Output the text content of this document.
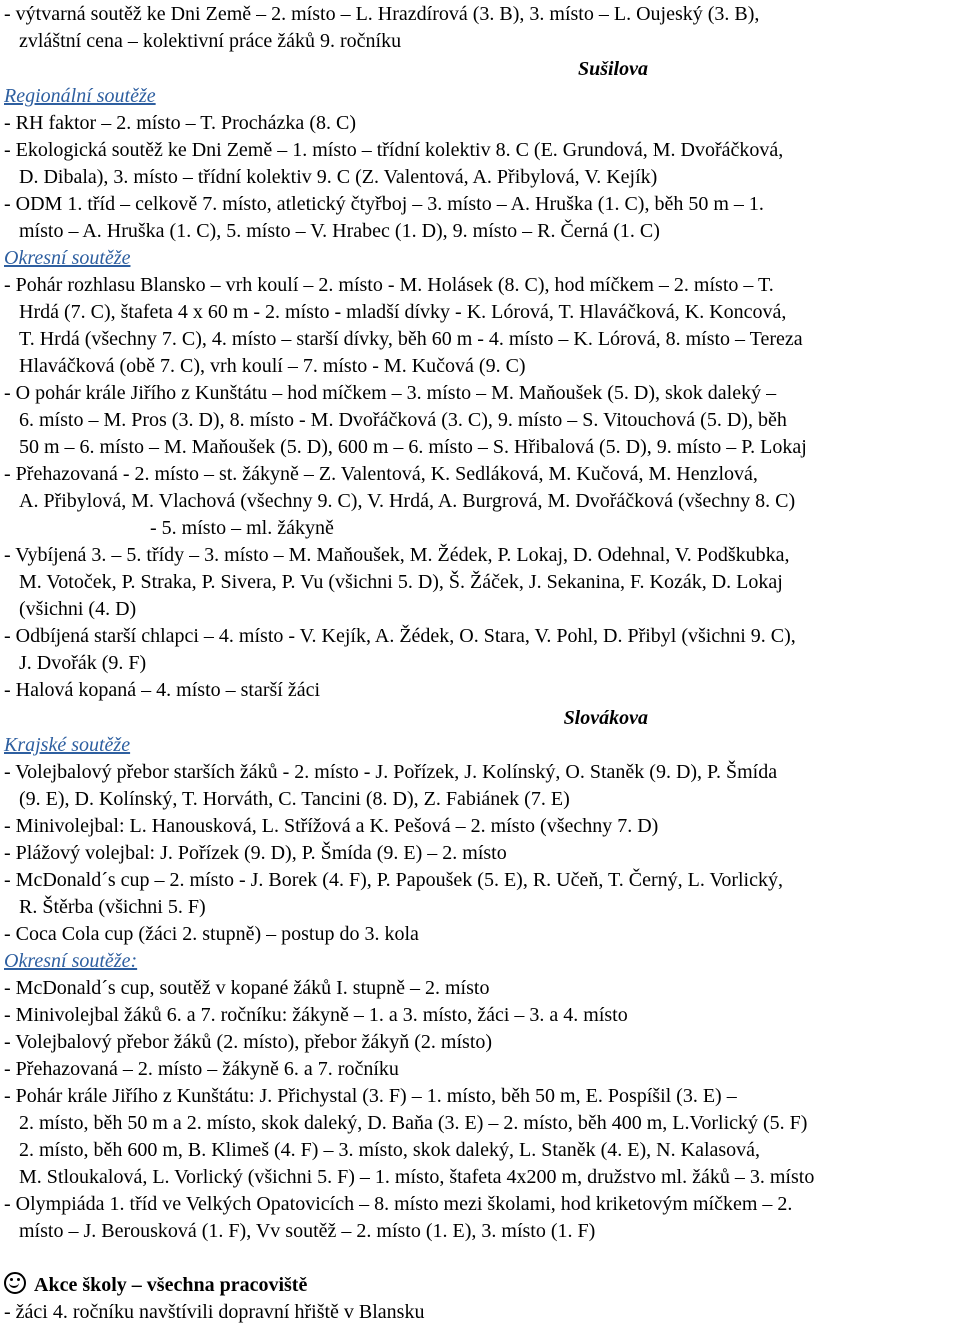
- výtvarná soutěž ke Dni Země – 2. místo – L. Hrazdírová (3. B), 3. místo – L. Oujeský (3. B),
zvláštní cena – kolektivní práce žáků 9. ročníku
Sušilova
Regionální soutěže
- RH faktor – 2. místo – T. Procházka (8. C)
- Ekologická soutěž ke Dni Země – 1. místo – třídní kolektiv 8. C (E. Grundová, M. Dvořáčková,
D. Dibala), 3. místo – třídní kolektiv 9. C (Z. Valentová, A. Přibylová, V. Kejík)
- ODM 1. tříd – celkově 7. místo, atletický čtyřboj – 3. místo – A. Hruška (1. C), běh 50 m – 1.
místo – A. Hruška (1. C), 5. místo – V. Hrabec (1. D), 9. místo – R. Černá (1. C)
Okresní soutěže
- Pohár rozhlasu Blansko – vrh koulí – 2. místo - M. Holásek (8. C), hod míčkem – 2. místo – T.
Hrdá (7. C), štafeta 4 x 60 m - 2. místo - mladší dívky - K. Lórová, T. Hlaváčková, K. Koncová,
T. Hrdá (všechny 7. C), 4. místo – starší dívky, běh 60 m - 4. místo – K. Lórová, 8. místo – Tereza
Hlaváčková (obě 7. C), vrh koulí – 7. místo - M. Kučová (9. C)
- O pohár krále Jiřího z Kunštátu – hod míčkem – 3. místo – M. Maňoušek (5. D), skok daleký –
6. místo – M. Pros (3. D), 8. místo - M. Dvořáčková (3. C), 9. místo – S. Vitouchová (5. D), běh
50 m – 6. místo – M. Maňoušek (5. D), 600 m – 6. místo – S. Hřibalová (5. D), 9. místo – P. Lokaj
- Přehazovaná - 2. místo – st. žákyně – Z. Valentová, K. Sedláková, M. Kučová, M. Henzlová,
A. Přibylová, M. Vlachová (všechny 9. C), V. Hrdá, A. Burgrová, M. Dvořáčková (všechny 8. C)
- 5. místo – ml. žákyně
- Vybíjená 3. – 5. třídy – 3. místo – M. Maňoušek, M. Žédek, P. Lokaj, D. Odehnal, V. Podškubka,
M. Votoček, P. Straka, P. Sivera, P. Vu (všichni 5. D), Š. Žáček, J. Sekanina, F. Kozák, D. Lokaj
(všichni (4. D)
- Odbíjená starší chlapci – 4. místo - V. Kejík, A. Žédek, O. Stara, V. Pohl, D. Přibyl (všichni 9. C),
J. Dvořák (9. F)
- Halová kopaná – 4. místo – starší žáci
Slovákova
Krajské soutěže
- Volejbalový přebor starších žáků - 2. místo - J. Pořízek, J. Kolínský, O. Staněk (9. D), P. Šmída
(9. E), D. Kolínský, T. Horváth, C. Tancini (8. D), Z. Fabiánek (7. E)
- Minivolejbal: L. Hanousková, L. Střížová a K. Pešová – 2. místo (všechny 7. D)
- Plážový volejbal: J. Pořízek (9. D), P. Šmída (9. E) – 2. místo
- McDonald´s cup – 2. místo - J. Borek (4. F), P. Papoušek (5. E), R. Učeň, T. Černý, L. Vorlický,
R. Štěrba (všichni 5. F)
- Coca Cola cup (žáci 2. stupně) – postup do 3. kola
Okresní soutěže:
- McDonald´s cup, soutěž v kopané žáků I. stupně – 2. místo
- Minivolejbal žáků 6. a 7. ročníku: žákyně – 1. a 3. místo, žáci – 3. a 4. místo
- Volejbalový přebor žáků (2. místo), přebor žákyň (2. místo)
- Přehazovaná – 2. místo – žákyně 6. a 7. ročníku
- Pohár krále Jiřího z Kunštátu: J. Přichystal (3. F) – 1. místo, běh 50 m, E. Pospíšil (3. E) –
2. místo, běh 50 m a 2. místo, skok daleký, D. Baňa (3. E) – 2. místo, běh 400 m, L.Vorlický (5. F)
2. místo, běh 600 m, B. Klimeš (4. F) – 3. místo, skok daleký, L. Staněk (4. E), N. Kalasová,
M. Stloukalová, L. Vorlický (všichni 5. F) – 1. místo, štafeta 4x200 m, družstvo ml. žáků – 3. místo
- Olympiáda 1. tříd ve Velkých Opatovicích – 8. místo mezi školami, hod kriketovým míčkem – 2.
místo – J. Berousková (1. F), Vv soutěž – 2. místo (1. E), 3. místo (1. F)
Akce školy – všechna pracoviště
- žáci 4. ročníku navštívili dopravní hřiště v Blansku
